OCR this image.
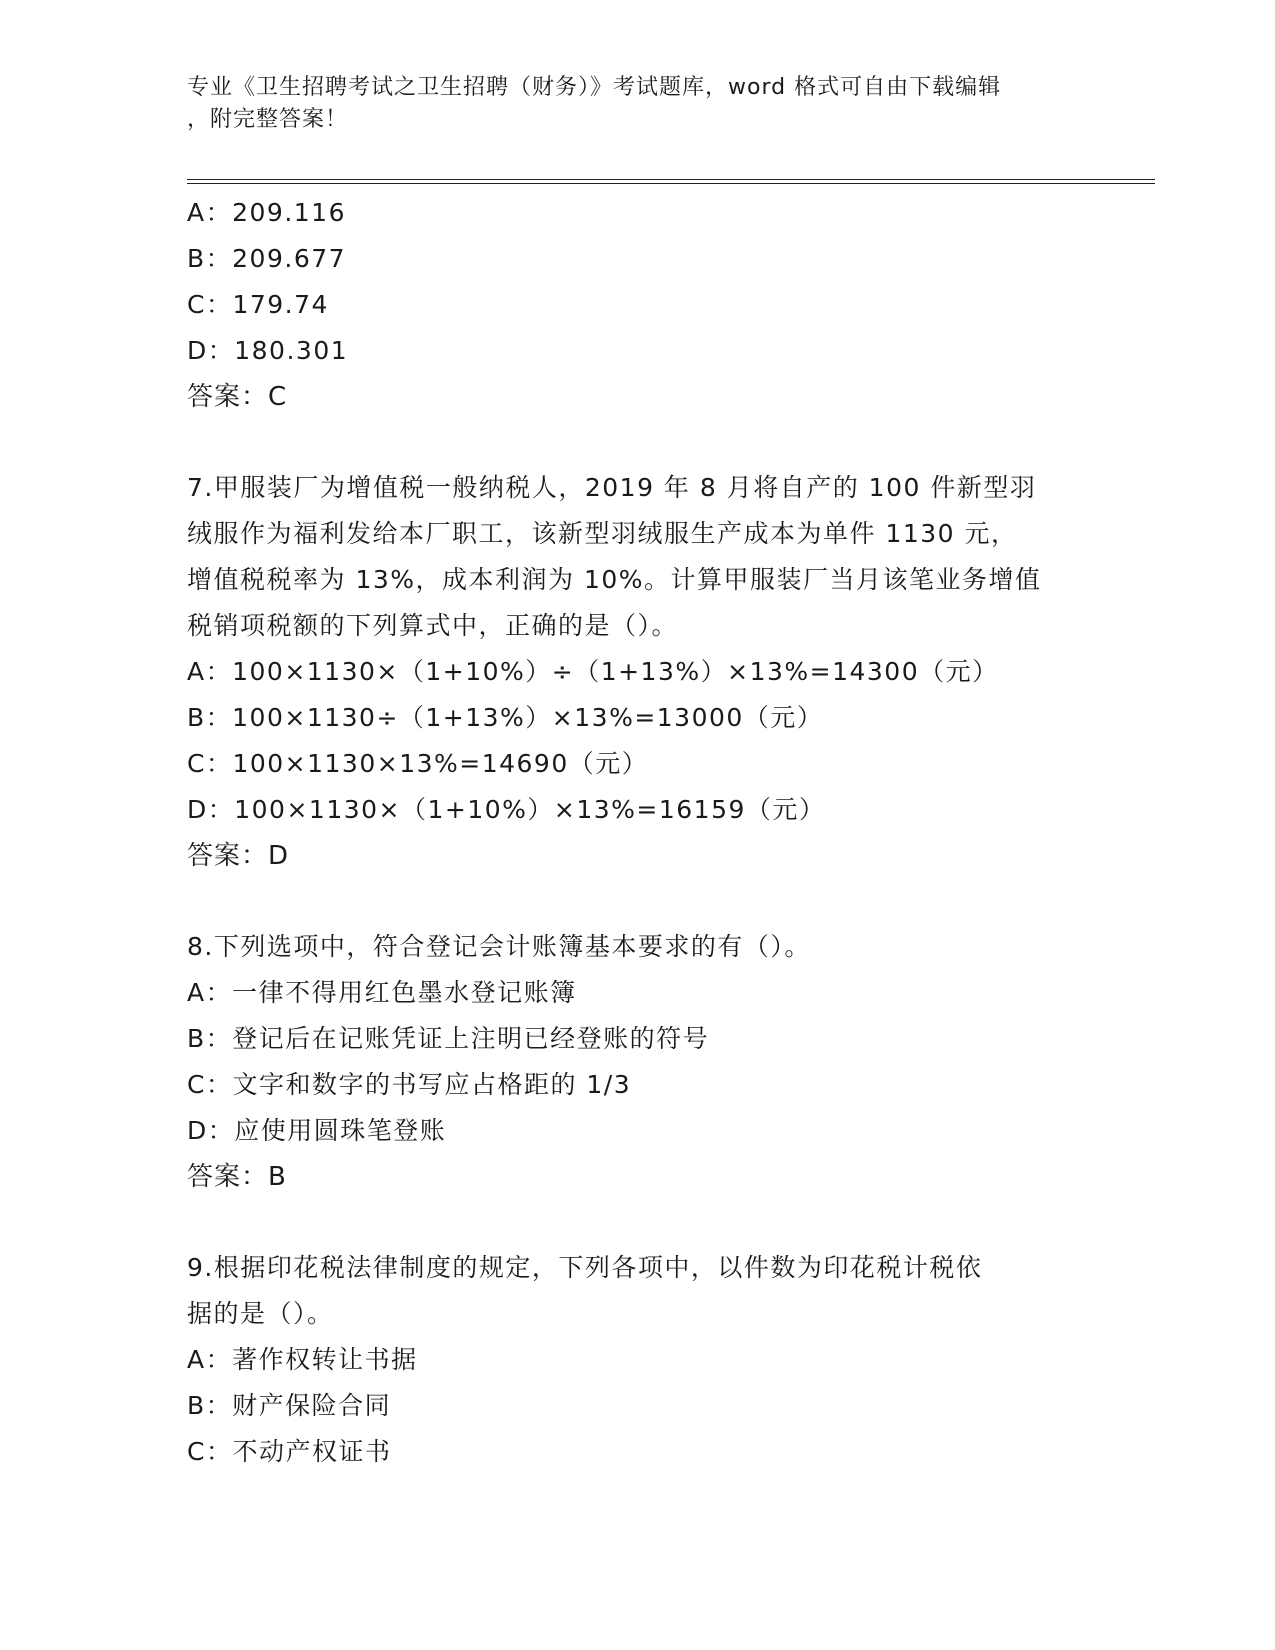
专业《卫生招聘考试之卫生招聘（财务）》考试题库，word 格式可自由下载编辑
，附完整答案！
A：209.116
B：209.677
C：179.74
D：180.301
答案：C
7.甲服装厂为增值税一般纳税人，2019 年 8 月将自产的 100 件新型羽
绒服作为福利发给本厂职工，该新型羽绒服生产成本为单件 1130 元，
增值税税率为 13%，成本利润为 10%。计算甲服装厂当月该笔业务增值
税销项税额的下列算式中，正确的是（）。
A：100×1130×（1+10%）÷（1+13%）×13%=14300（元）
B：100×1130÷（1+13%）×13%=13000（元）
C：100×1130×13%=14690（元）
D：100×1130×（1+10%）×13%=16159（元）
答案：D
8.下列选项中，符合登记会计账簿基本要求的有（）。
A：一律不得用红色墨水登记账簿
B：登记后在记账凭证上注明已经登账的符号
C：文字和数字的书写应占格距的 1/3
D：应使用圆珠笔登账
答案：B
9.根据印花税法律制度的规定，下列各项中，以件数为印花税计税依
据的是（）。
A：著作权转让书据
B：财产保险合同
C：不动产权证书
